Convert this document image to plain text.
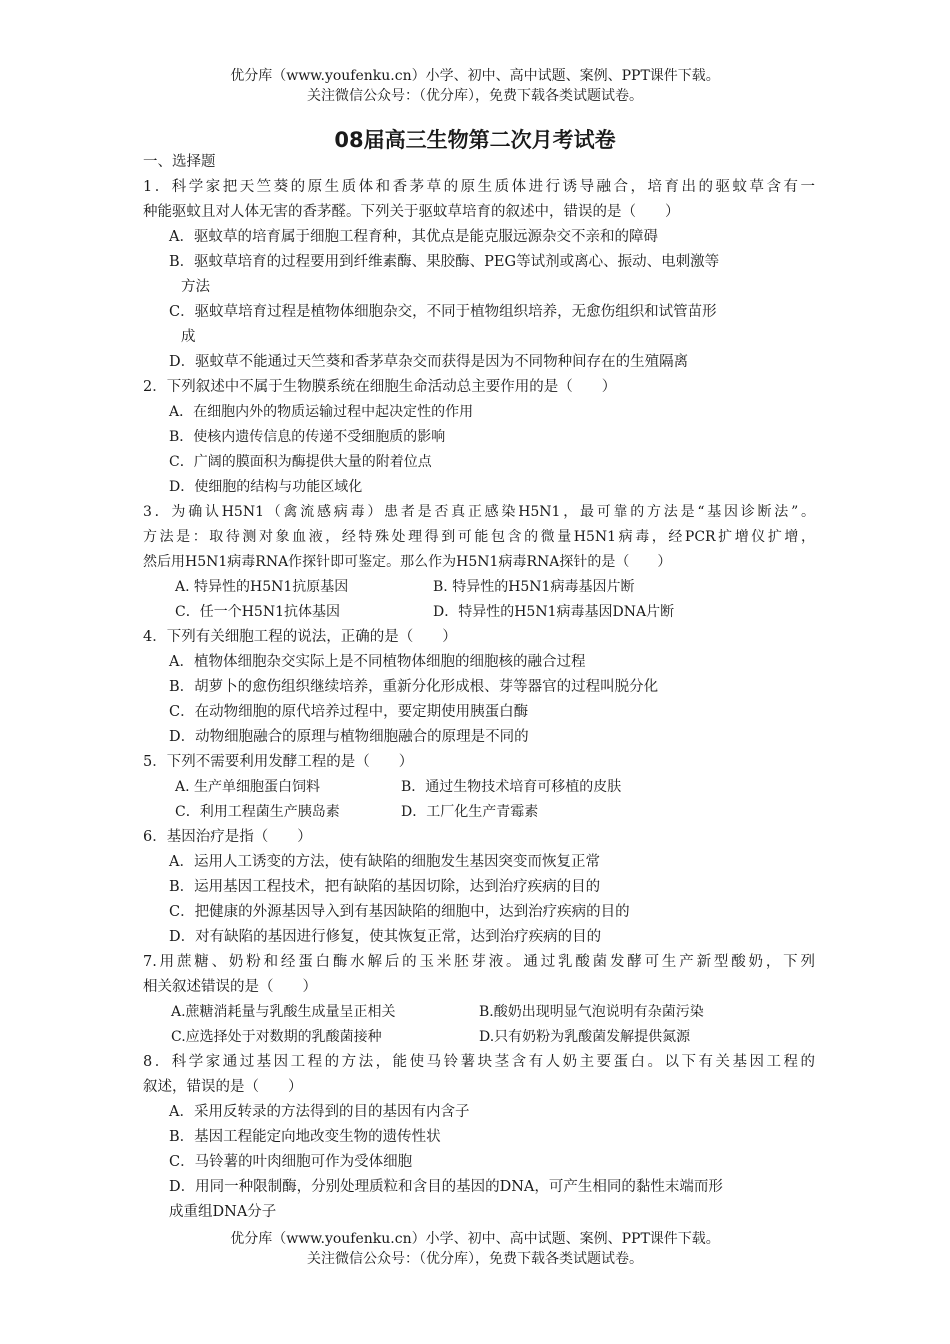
优分库（www.youfenku.cn）小学、初中、高中试题、案例、PPT课件下载。
关注微信公众号：（优分库），免费下载各类试题试卷。
08届高三生物第二次月考试卷
一、选择题
1．科学家把天竺葵的原生质体和香茅草的原生质体进行诱导融合，培育出的驱蚊草含有一
种能驱蚊且对人体无害的香茅醛。下列关于驱蚊草培育的叙述中，错误的是（　　）
A．驱蚊草的培育属于细胞工程育种，其优点是能克服远源杂交不亲和的障碍
B．驱蚊草培育的过程要用到纤维素酶、果胶酶、PEG等试剂或离心、振动、电刺激等
方法
C．驱蚊草培育过程是植物体细胞杂交，不同于植物组织培养，无愈伤组织和试管苗形
成
D．驱蚊草不能通过天竺葵和香茅草杂交而获得是因为不同物种间存在的生殖隔离
2．下列叙述中不属于生物膜系统在细胞生命活动总主要作用的是（　　）
A．在细胞内外的物质运输过程中起决定性的作用
B．使核内遗传信息的传递不受细胞质的影响
C．广阔的膜面积为酶提供大量的附着位点
D．使细胞的结构与功能区域化
3．为确认H5N1（禽流感病毒）患者是否真正感染H5N1，最可靠的方法是“基因诊断法”。
方法是：取待测对象血液，经特殊处理得到可能包含的微量H5N1病毒，经PCR扩增仪扩增，
然后用H5N1病毒RNA作探针即可鉴定。那么作为H5N1病毒RNA探针的是（　　）
A. 特异性的H5N1抗原基因	B. 特异性的H5N1病毒基因片断
C．任一个H5N1抗体基因	D．特异性的H5N1病毒基因DNA片断
4．下列有关细胞工程的说法，正确的是（　　）
A．植物体细胞杂交实际上是不同植物体细胞的细胞核的融合过程
B．胡萝卜的愈伤组织继续培养，重新分化形成根、芽等器官的过程叫脱分化
C．在动物细胞的原代培养过程中，要定期使用胰蛋白酶
D．动物细胞融合的原理与植物细胞融合的原理是不同的
5．下列不需要利用发酵工程的是（　　）
A. 生产单细胞蛋白饲料	B．通过生物技术培育可移植的皮肤
C．利用工程菌生产胰岛素	D．工厂化生产青霉素
6．基因治疗是指（　　）
A．运用人工诱变的方法，使有缺陷的细胞发生基因突变而恢复正常
B．运用基因工程技术，把有缺陷的基因切除，达到治疗疾病的目的
C．把健康的外源基因导入到有基因缺陷的细胞中，达到治疗疾病的目的
D．对有缺陷的基因进行修复，使其恢复正常，达到治疗疾病的目的
7.用蔗糖、奶粉和经蛋白酶水解后的玉米胚芽液。通过乳酸菌发酵可生产新型酸奶，下列
相关叙述错误的是（　　）
A.蔗糖消耗量与乳酸生成量呈正相关	B.酸奶出现明显气泡说明有杂菌污染
C.应选择处于对数期的乳酸菌接种	D.只有奶粉为乳酸菌发解提供氮源
8．科学家通过基因工程的方法，能使马铃薯块茎含有人奶主要蛋白。以下有关基因工程的
叙述，错误的是（　　）
A．采用反转录的方法得到的目的基因有内含子
B．基因工程能定向地改变生物的遗传性状
C．马铃薯的叶肉细胞可作为受体细胞
D．用同一种限制酶，分别处理质粒和含目的基因的DNA，可产生相同的黏性末端而形
成重组DNA分子
优分库（www.youfenku.cn）小学、初中、高中试题、案例、PPT课件下载。
关注微信公众号：（优分库），免费下载各类试题试卷。
